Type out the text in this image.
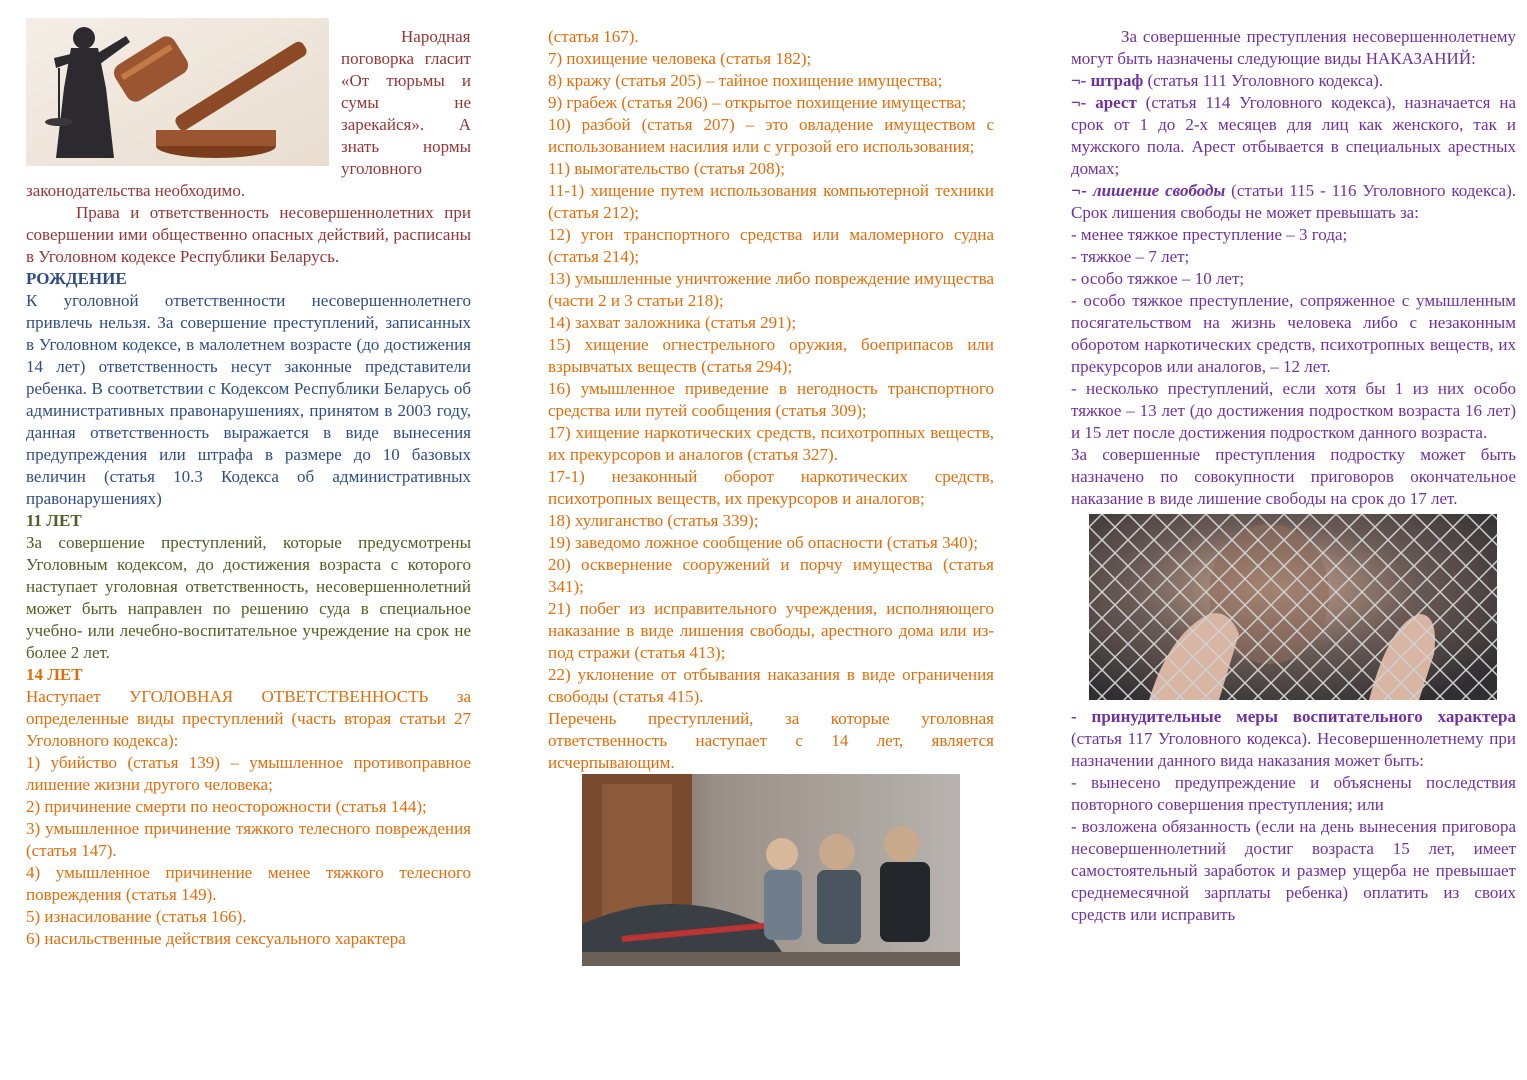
Народная поговорка гласит «От тюрьмы и сумы не зарекайся». А знать нормы уголовного законодательства необходимо.

Права и ответственность несовершеннолетних при совершении ими общественно опасных действий, расписаны в Уголовном кодексе Республики Беларусь.

РОЖДЕНИЕ

К уголовной ответственности несовершеннолетнего привлечь нельзя. За совершение преступлений, записанных в Уголовном кодексе, в малолетнем возрасте (до достижения 14 лет) ответственность несут законные представители ребенка. В соответствии с Кодексом Республики Беларусь об административных правонарушениях, принятом в 2003 году, данная ответственность выражается в виде вынесения предупреждения или штрафа в размере до 10 базовых величин (статья 10.3 Кодекса об административных правонарушениях)

11 ЛЕТ

За совершение преступлений, которые предусмотрены Уголовным кодексом, до достижения возраста с которого наступает уголовная ответственность, несовершеннолетний может быть направлен по решению суда в специальное учебно- или лечебно-воспитательное учреждение на срок не более 2 лет.

14 ЛЕТ

Наступает УГОЛОВНАЯ ОТВЕТСТВЕННОСТЬ за определенные виды преступлений (часть вторая статьи 27 Уголовного кодекса):

1) убийство (статья 139) – умышленное противоправное лишение жизни другого человека;

2) причинение смерти по неосторожности (статья 144);

3) умышленное причинение тяжкого телесного повреждения (статья 147).

4) умышленное причинение менее тяжкого телесного повреждения (статья 149).

5) изнасилование (статья 166).

6) насильственные действия сексуального характера

(статья 167).

7) похищение человека (статья 182);

8) кражу (статья 205) – тайное похищение имущества;

9) грабеж (статья 206) – открытое похищение имущества;

10) разбой (статья 207) – это овладение имуществом с использованием насилия или с угрозой его использования;

11) вымогательство (статья 208);

11-1) хищение путем использования компьютерной техники (статья 212);

12) угон транспортного средства или маломерного судна (статья 214);

13) умышленные уничтожение либо повреждение имущества (части 2 и 3 статьи 218);

14) захват заложника (статья 291);

15) хищение огнестрельного оружия, боеприпасов или взрывчатых веществ (статья 294);

16) умышленное приведение в негодность транспортного средства или путей сообщения (статья 309);

17) хищение наркотических средств, психотропных веществ, их прекурсоров и аналогов (статья 327).

17-1) незаконный оборот наркотических средств, психотропных веществ, их прекурсоров и аналогов;

18) хулиганство (статья 339);

19) заведомо ложное сообщение об опасности (статья 340);

20) осквернение сооружений и порчу имущества (статья 341);

21) побег из исправительного учреждения, исполняющего наказание в виде лишения свободы, арестного дома или из-под стражи (статья 413);

22) уклонение от отбывания наказания в виде ограничения свободы (статья 415).

Перечень преступлений, за которые уголовная ответственность наступает с 14 лет, является исчерпывающим.

За совершенные преступления несовершеннолетнему могут быть назначены следующие виды НАКАЗАНИЙ:

¬- штраф (статья 111 Уголовного кодекса).

¬- арест (статья 114 Уголовного кодекса), назначается на срок от 1 до 2-х месяцев для лиц как женского, так и мужского пола. Арест отбывается в специальных арестных домах;

¬- лишение свободы (статьи 115 - 116 Уголовного кодекса). Срок лишения свободы не может превышать за:

- менее тяжкое преступление – 3 года;

- тяжкое – 7 лет;

- особо тяжкое – 10 лет;

- особо тяжкое преступление, сопряженное с умышленным посягательством на жизнь человека либо с незаконным оборотом наркотических средств, психотропных веществ, их прекурсоров или аналогов, – 12 лет.

- несколько преступлений, если хотя бы 1 из них особо тяжкое – 13 лет (до достижения подростком возраста 16 лет) и 15 лет после достижения подростком данного возраста.

За совершенные преступления подростку может быть назначено по совокупности приговоров окончательное наказание в виде лишение свободы на срок до 17 лет.

- принудительные меры воспитательного характера (статья 117 Уголовного кодекса). Несовершеннолетнему при назначении данного вида наказания может быть:

- вынесено предупреждение и объяснены последствия повторного совершения преступления; или

- возложена обязанность (если на день вынесения приговора несовершеннолетний достиг возраста 15 лет, имеет самостоятельный заработок и размер ущерба не превышает среднемесячной зарплаты ребенка) оплатить из своих средств или исправить
